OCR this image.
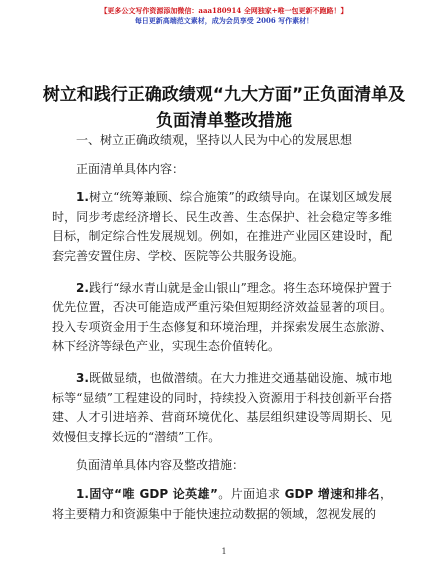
【更多公文写作资源添加微信：aaa180914 全网独家+唯一包更新不跑路！】
每日更新高端范文素材，成为会员享受 2006 写作素材！
树立和践行正确政绩观“九大方面”正负面清单及负面清单整改措施

一、树立正确政绩观，坚持以人民为中心的发展思想

正面清单具体内容：

1.树立“统筹兼顾、综合施策”的政绩导向。在谋划区域发展时，同步考虑经济增长、民生改善、生态保护、社会稳定等多维目标，制定综合性发展规划。例如，在推进产业园区建设时，配套完善安置住房、学校、医院等公共服务设施。

2.践行“绿水青山就是金山银山”理念。将生态环境保护置于优先位置，否决可能造成严重污染但短期经济效益显著的项目。投入专项资金用于生态修复和环境治理，并探索发展生态旅游、林下经济等绿色产业，实现生态价值转化。

3.既做显绩，也做潜绩。在大力推进交通基础设施、城市地标等“显绩”工程建设的同时，持续投入资源用于科技创新平台搭建、人才引进培养、营商环境优化、基层组织建设等周期长、见效慢但支撑长远的“潜绩”工作。

负面清单具体内容及整改措施：

1.固守“唯 GDP 论英雄”。片面追求 GDP 增速和排名，将主要精力和资源集中于能快速拉动数据的领域，忽视发展的

1
